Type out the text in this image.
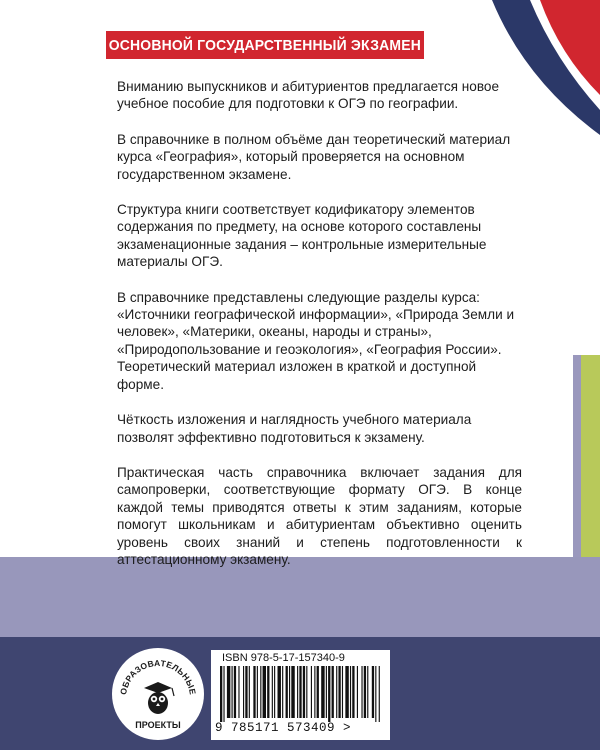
ОСНОВНОЙ ГОСУДАРСТВЕННЫЙ ЭКЗАМЕН

Вниманию выпускников и абитуриентов предлагается новое учебное пособие для подготовки к ОГЭ по географии.

В справочнике в полном объёме дан теоретический материал курса «География», который проверяется на основном государственном экзамене.

Структура книги соответствует кодификатору элементов содержания по предмету, на основе которого составлены экзаменационные задания – контрольные измерительные материалы ОГЭ.

В справочнике представлены следующие разделы курса: «Источники географической информации», «Природа Земли и человек», «Материки, океаны, народы и страны», «Природопользование и геоэкология», «География России». Теоретический материал изложен в краткой и доступной форме.

Чёткость изложения и наглядность учебного материала позволят эффективно подготовиться к экзамену.

Практическая часть справочника включает задания для самопроверки, соответствующие формату ОГЭ. В конце каждой темы приводятся ответы к этим заданиям, которые помогут школьникам и абитуриентам объективно оценить уровень своих знаний и степень подготовленности к аттестационному экзамену.

ОБРАЗОВАТЕЛЬНЫЕ
ПРОЕКТЫ
ISBN 978-5-17-157340-9
9 785171 573409 >
